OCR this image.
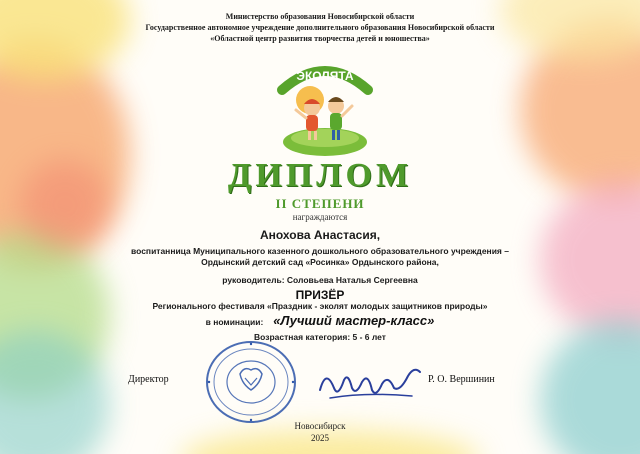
Министерство образования Новосибирской области
Государственное автономное учреждение дополнительного образования Новосибирской области
«Областной центр развития творчества детей и юношества»
ЭКОЛЯТА
ДИПЛОМ
II СТЕПЕНИ
награждаются
Анохова Анастасия,
воспитанница Муниципального казенного дошкольного образовательного учреждения –
Ордынский детский сад «Росинка» Ордынского района,
руководитель: Соловьева Наталья Сергеевна
ПРИЗЁР
Регионального фестиваля «Праздник - эколят молодых защитников природы»
в номинации: «Лучший мастер-класс»
Возрастная категория: 5 - 6 лет
Директор	Р. О. Вершинин
Новосибирск
2025
